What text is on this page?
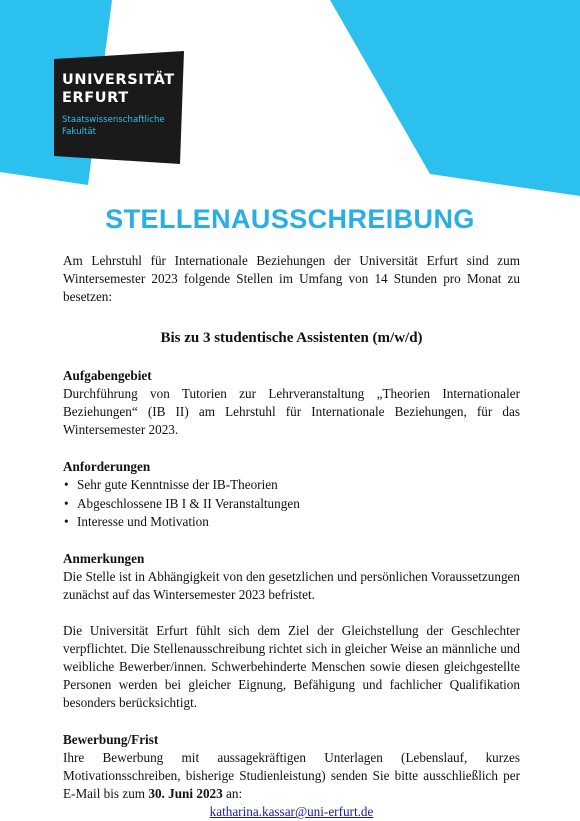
UNIVERSITÄT
ERFURT
Staatswissenschaftliche
Fakultät
STELLENAUSSCHREIBUNG

Am Lehrstuhl für Internationale Beziehungen der Universität Erfurt sind zum Wintersemester 2023 folgende Stellen im Umfang von 14 Stunden pro Monat zu besetzen:

Bis zu 3 studentische Assistenten (m/w/d)
Aufgabengebiet

Durchführung von Tutorien zur Lehrveranstaltung „Theorien Internationaler Beziehungen“ (IB II) am Lehrstuhl für Internationale Beziehungen, für das Wintersemester 2023.

Anforderungen
• Sehr gute Kenntnisse der IB-Theorien
• Abgeschlossene IB I & II Veranstaltungen
• Interesse und Motivation
Anmerkungen

Die Stelle ist in Abhängigkeit von den gesetzlichen und persönlichen Voraussetzungen zunächst auf das Wintersemester 2023 befristet.

Die Universität Erfurt fühlt sich dem Ziel der Gleichstellung der Geschlechter verpflichtet. Die Stellenausschreibung richtet sich in gleicher Weise an männliche und weibliche Bewerber/innen. Schwerbehinderte Menschen sowie diesen gleichgestellte Personen werden bei gleicher Eignung, Befähigung und fachlicher Qualifikation besonders berücksichtigt.

Bewerbung/Frist

Ihre Bewerbung mit aussagekräftigen Unterlagen (Lebenslauf, kurzes Motivationsschreiben, bisherige Studienleistung) senden Sie bitte ausschließlich per E-Mail bis zum 30. Juni 2023 an:

katharina.kassar@uni-erfurt.de
